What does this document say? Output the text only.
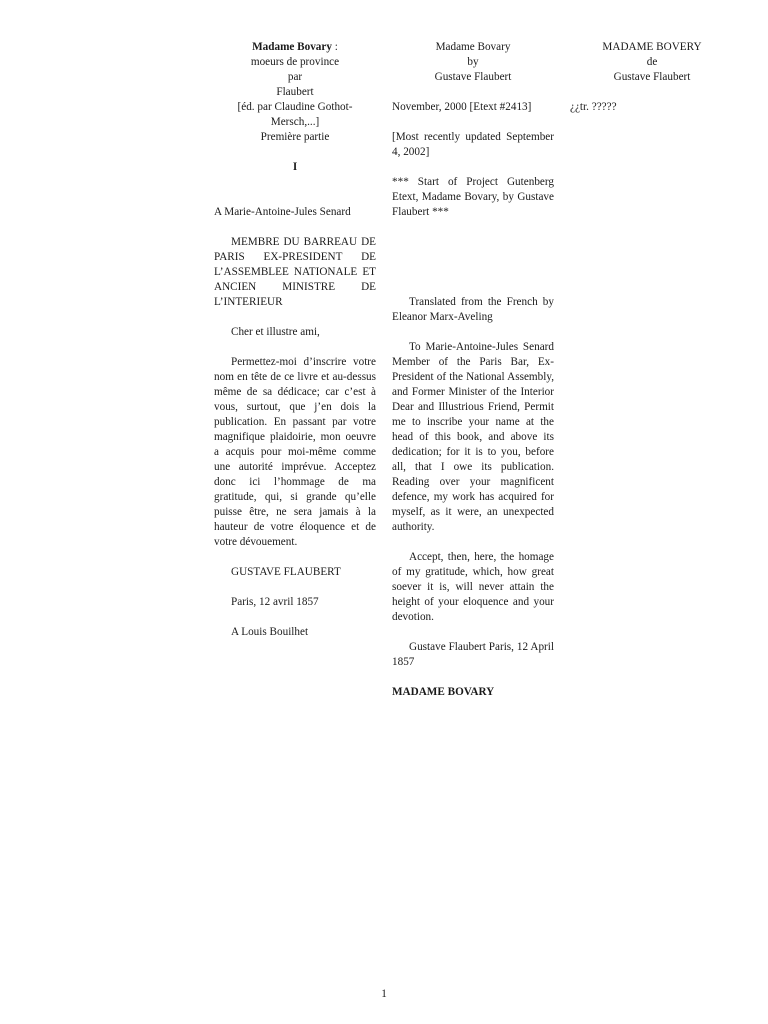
Madame Bovary :
moeurs de province
par
Flaubert
[éd. par Claudine Gothot-Mersch,...]
Première partie
I
A Marie-Antoine-Jules Senard
MEMBRE DU BARREAU DE PARIS EX-PRESIDENT DE L’ASSEMBLEE NATIONALE ET ANCIEN MINISTRE DE L’INTERIEUR
Cher et illustre ami,
Permettez-moi d’inscrire votre nom en tête de ce livre et au-dessus même de sa dédicace; car c’est à vous, surtout, que j’en dois la publication. En passant par votre magnifique plaidoirie, mon oeuvre a acquis pour moi-même comme une autorité imprévue. Acceptez donc ici l’hommage de ma gratitude, qui, si grande qu’elle puisse être, ne sera jamais à la hauteur de votre éloquence et de votre dévouement.
GUSTAVE FLAUBERT
Paris, 12 avril 1857
A Louis Bouilhet
Madame Bovary
by
Gustave Flaubert
November, 2000 [Etext #2413]
[Most recently updated September 4, 2002]
*** Start of Project Gutenberg Etext, Madame Bovary, by Gustave Flaubert ***
Translated from the French by Eleanor Marx-Aveling
To Marie-Antoine-Jules Senard Member of the Paris Bar, Ex-President of the National Assembly, and Former Minister of the Interior Dear and Illustrious Friend, Permit me to inscribe your name at the head of this book, and above its dedication; for it is to you, before all, that I owe its publication. Reading over your magnificent defence, my work has acquired for myself, as it were, an unexpected authority.
Accept, then, here, the homage of my gratitude, which, how great soever it is, will never attain the height of your eloquence and your devotion.
Gustave Flaubert Paris, 12 April 1857
MADAME BOVARY
MADAME BOVERY
de
Gustave Flaubert
¿¿tr. ?????
1
